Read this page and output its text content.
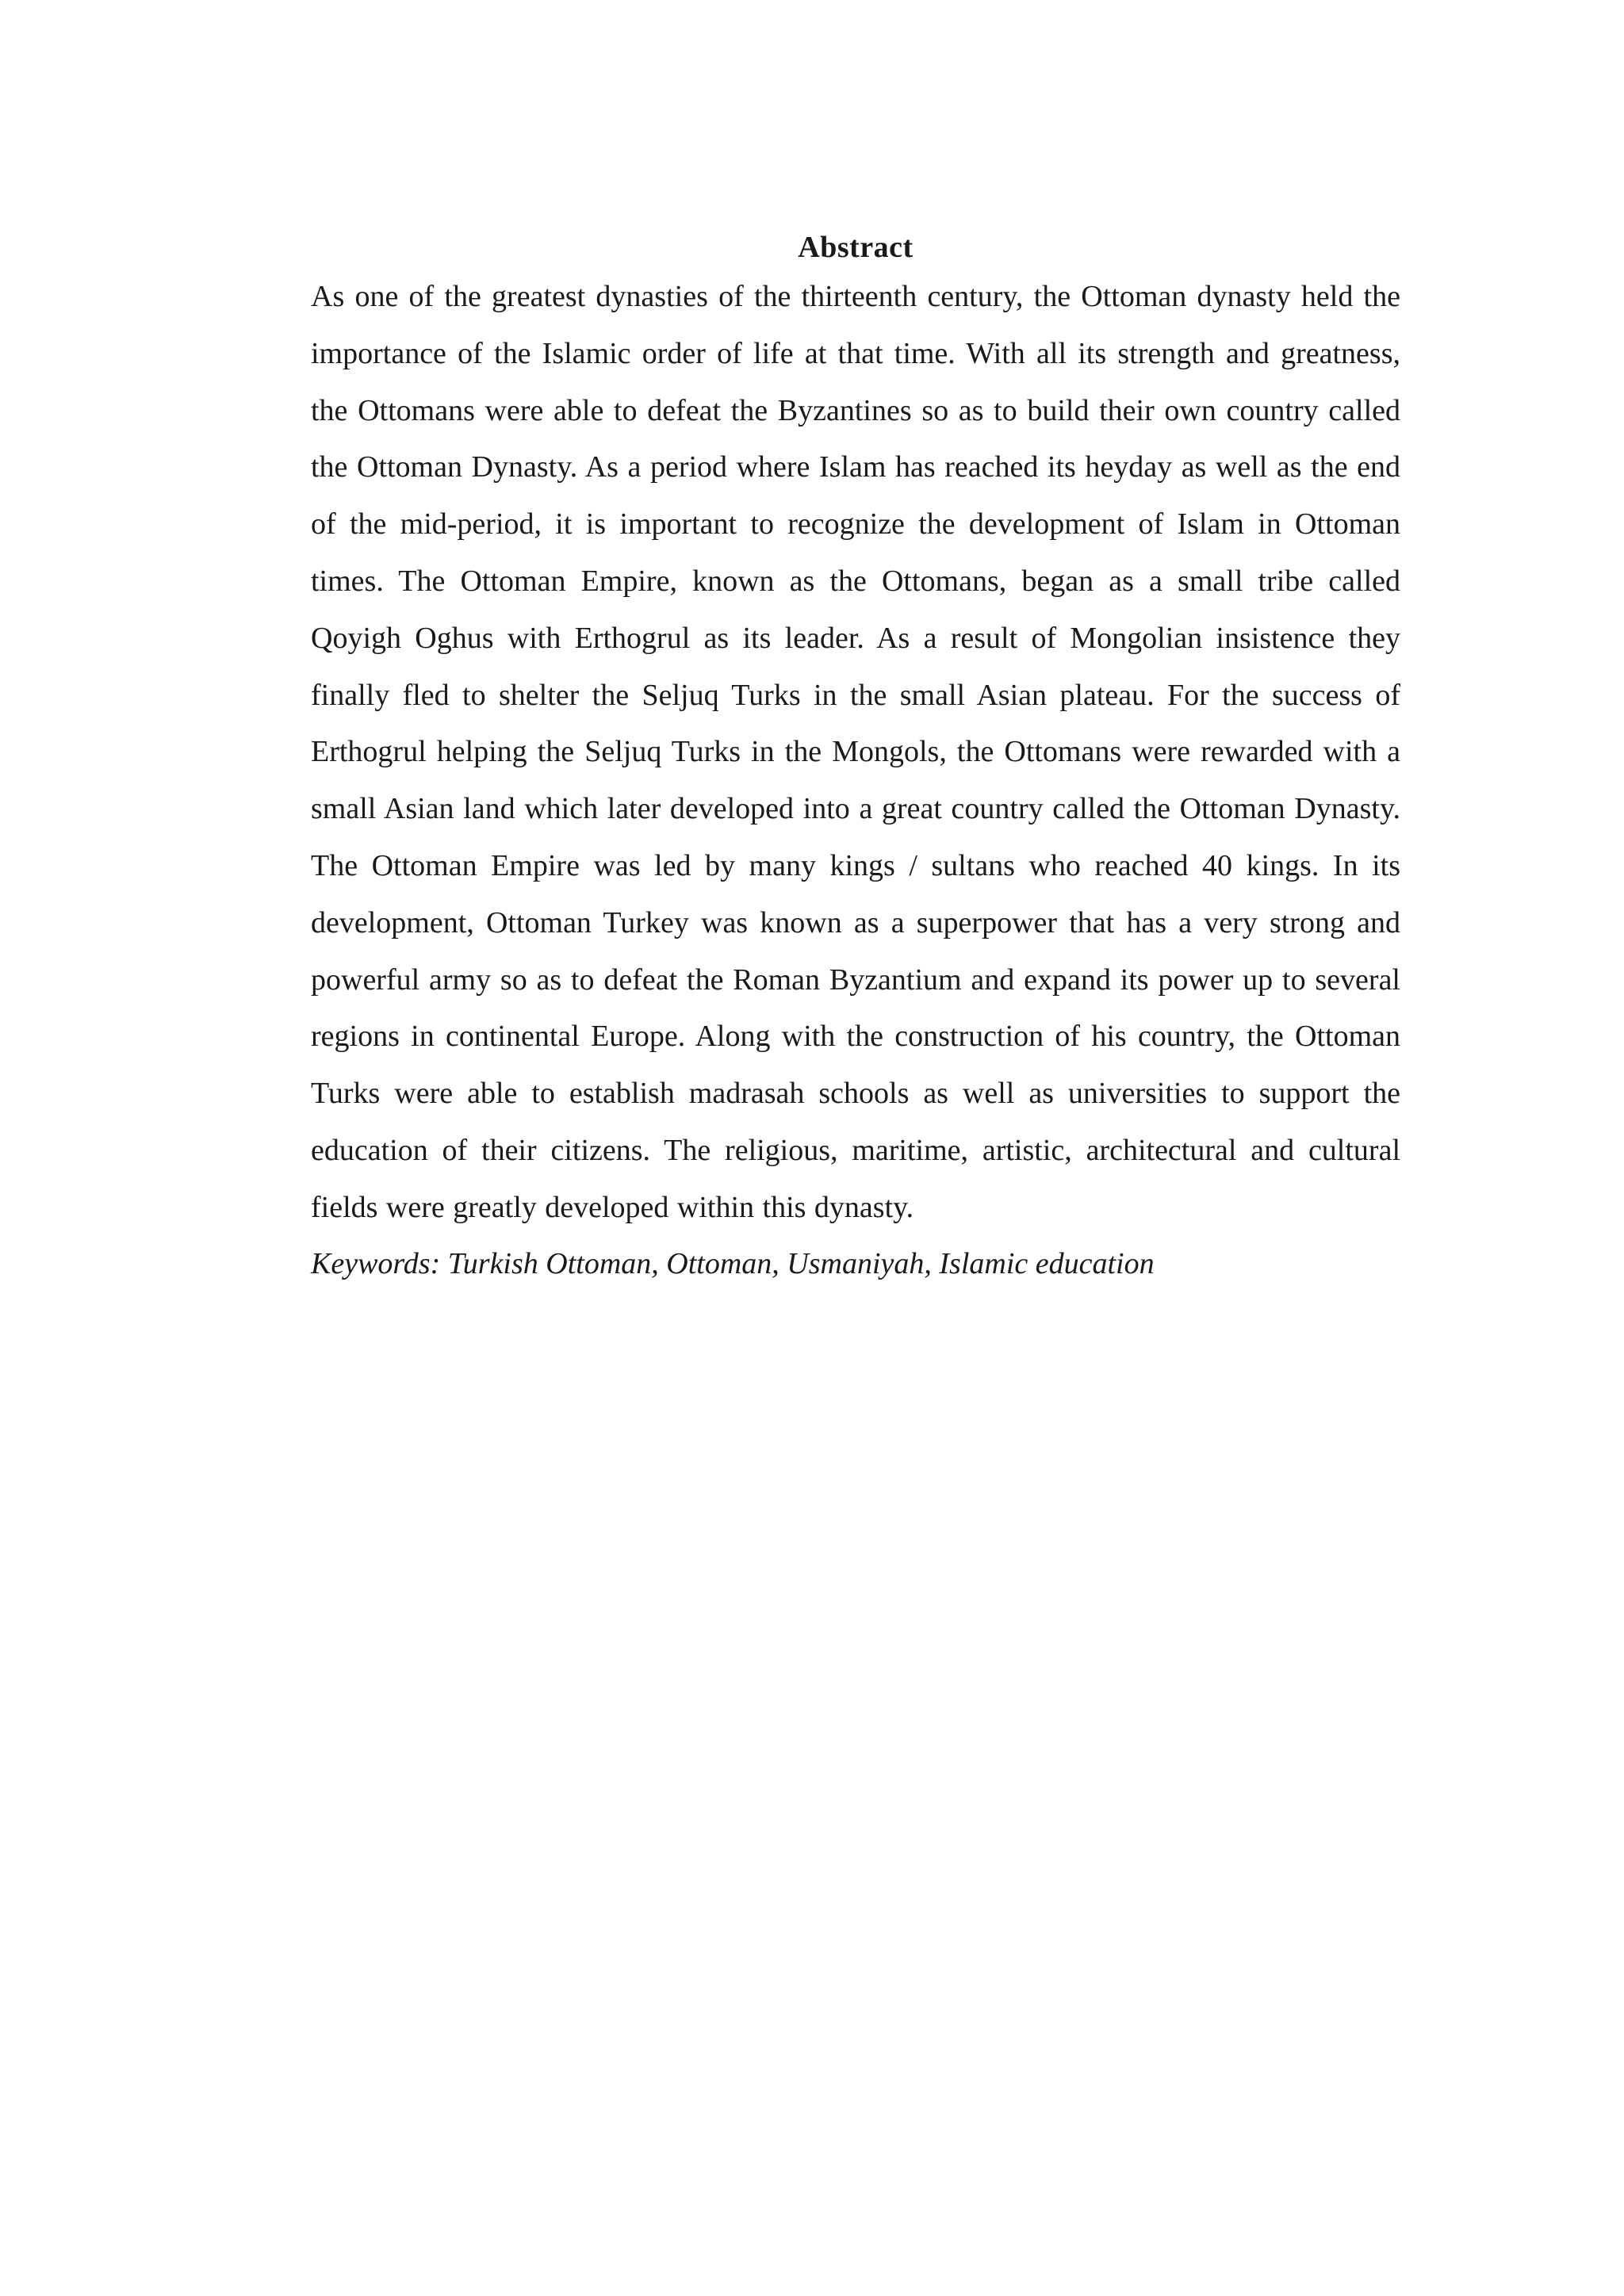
Abstract

As one of the greatest dynasties of the thirteenth century, the Ottoman dynasty held the importance of the Islamic order of life at that time. With all its strength and greatness, the Ottomans were able to defeat the Byzantines so as to build their own country called the Ottoman Dynasty. As a period where Islam has reached its heyday as well as the end of the mid-period, it is important to recognize the development of Islam in Ottoman times. The Ottoman Empire, known as the Ottomans, began as a small tribe called Qoyigh Oghus with Erthogrul as its leader. As a result of Mongolian insistence they finally fled to shelter the Seljuq Turks in the small Asian plateau. For the success of Erthogrul helping the Seljuq Turks in the Mongols, the Ottomans were rewarded with a small Asian land which later developed into a great country called the Ottoman Dynasty. The Ottoman Empire was led by many kings / sultans who reached 40 kings. In its development, Ottoman Turkey was known as a superpower that has a very strong and powerful army so as to defeat the Roman Byzantium and expand its power up to several regions in continental Europe. Along with the construction of his country, the Ottoman Turks were able to establish madrasah schools as well as universities to support the education of their citizens. The religious, maritime, artistic, architectural and cultural fields were greatly developed within this dynasty.

Keywords: Turkish Ottoman, Ottoman, Usmaniyah, Islamic education
